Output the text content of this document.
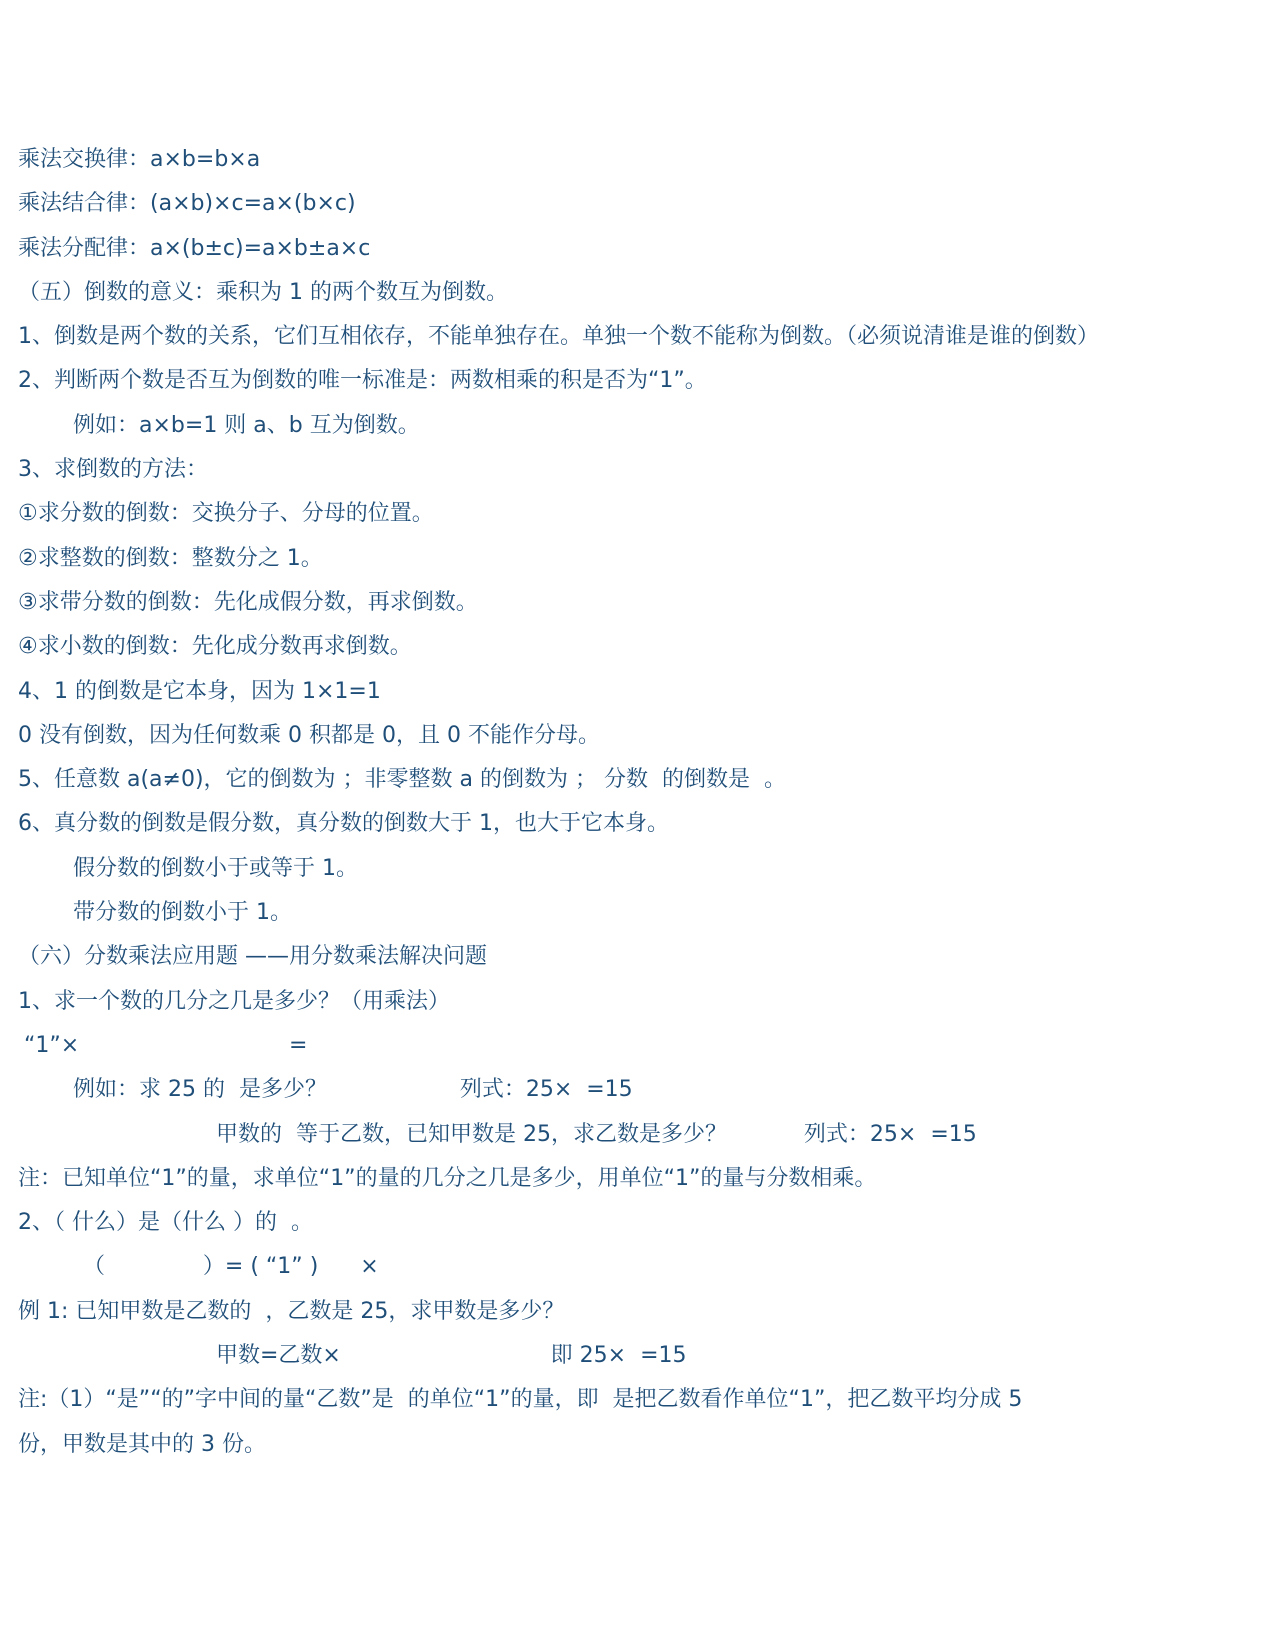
乘法交换律：a×b=b×a
乘法结合律：(a×b)×c=a×(b×c)
乘法分配律：a×(b±c)=a×b±a×c
（五）倒数的意义：乘积为 1 的两个数互为倒数。
1、倒数是两个数的关系，它们互相依存，不能单独存在。单独一个数不能称为倒数。（必须说清谁是谁的倒数）
2、判断两个数是否互为倒数的唯一标准是：两数相乘的积是否为“1”。
例如：a×b=1 则 a、b 互为倒数。
3、求倒数的方法：
①求分数的倒数：交换分子、分母的位置。
②求整数的倒数：整数分之 1。
③求带分数的倒数：先化成假分数，再求倒数。
④求小数的倒数：先化成分数再求倒数。
4、1 的倒数是它本身，因为 1×1=1
0 没有倒数，因为任何数乘 0 积都是 0，且 0 不能作分母。
5、任意数 a(a≠0)，它的倒数为 ；非零整数 a 的倒数为 ； 分数  的倒数是  。
6、真分数的倒数是假分数，真分数的倒数大于 1，也大于它本身。
假分数的倒数小于或等于 1。
带分数的倒数小于 1。
（六）分数乘法应用题 ——用分数乘法解决问题
1、求一个数的几分之几是多少？（用乘法）
“1”×                              =
例如：求 25 的  是多少？                   列式：25×  =15
甲数的  等于乙数，已知甲数是 25，求乙数是多少？           列式：25×  =15
注：已知单位“1”的量，求单位“1”的量的几分之几是多少，用单位“1”的量与分数相乘。
2、（ 什么）是（什么 ）的  。
（              ）= ( “1” )      ×
例 1: 已知甲数是乙数的  ，乙数是 25，求甲数是多少？
甲数=乙数×                              即 25×  =15
注:（1）“是”“的”字中间的量“乙数”是  的单位“1”的量，即  是把乙数看作单位“1”，把乙数平均分成 5
份，甲数是其中的 3 份。
